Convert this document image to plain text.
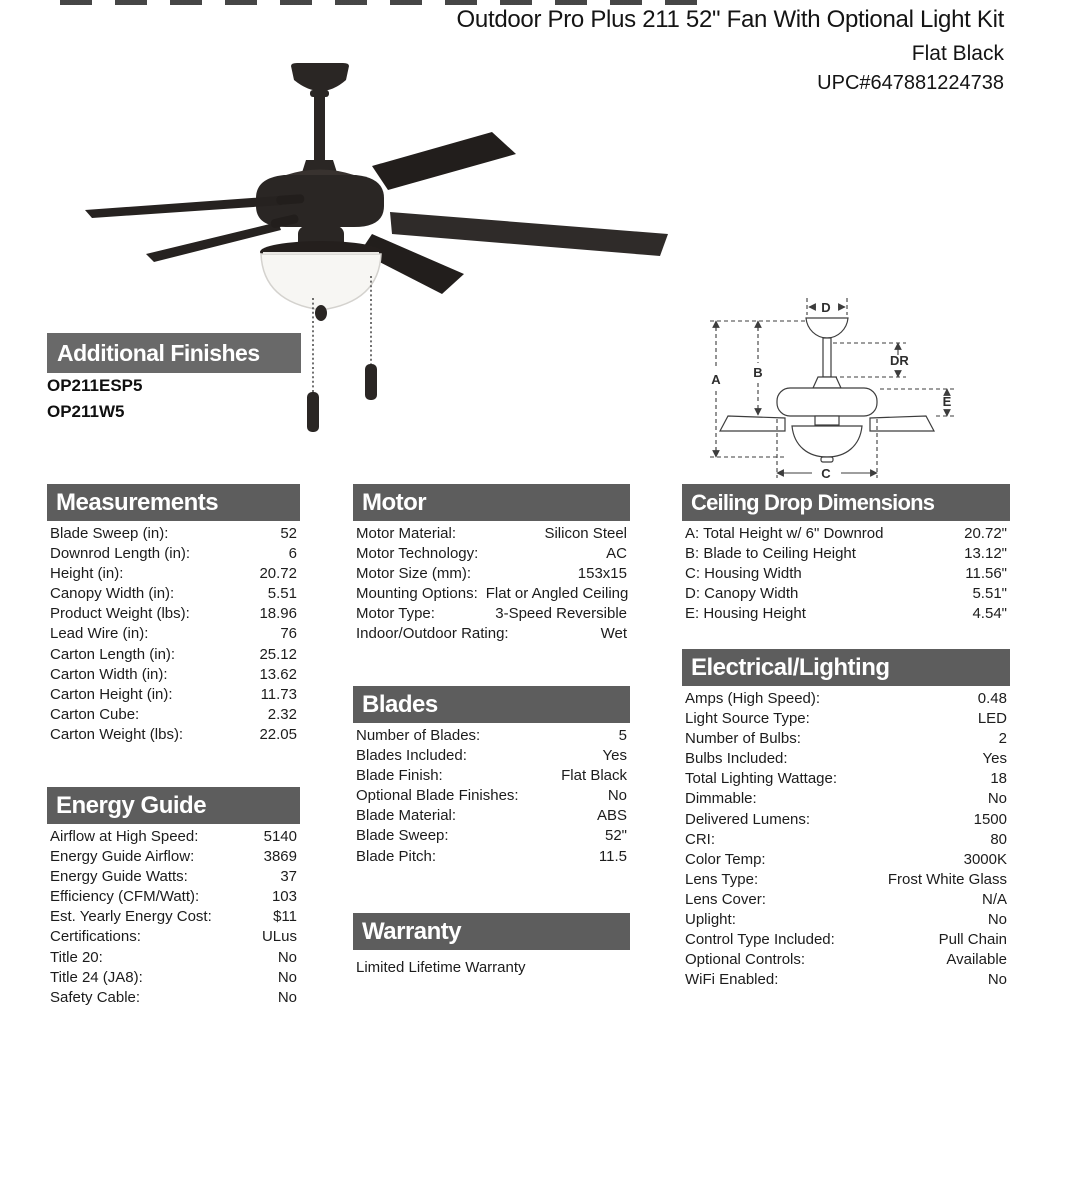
Outdoor Pro Plus 211 52" Fan With Optional Light Kit
Flat Black
UPC#647881224738
Additional Finishes
OP211ESP5
OP211W5
D
A	B
C
E
DR
Measurements
Blade Sweep (in):	52
Downrod Length (in):	6
Height (in):	20.72
Canopy Width (in):	5.51
Product Weight (lbs):	18.96
Lead Wire (in):	76
Carton Length (in):	25.12
Carton Width (in):	13.62
Carton Height (in):	11.73
Carton Cube:	2.32
Carton Weight (lbs):	22.05
Energy Guide
Airflow at High Speed:	5140
Energy Guide Airflow:	3869
Energy Guide Watts:	37
Efficiency (CFM/Watt):	103
Est. Yearly Energy Cost:	$11
Certifications:	ULus
Title 20:	No
Title 24 (JA8):	No
Safety Cable:	No
Motor
Motor Material:	Silicon Steel
Motor Technology:	AC
Motor Size (mm):	153x15
Mounting Options: Flat or Angled Ceiling
Motor Type:	3-Speed Reversible
Indoor/Outdoor Rating:	Wet
Blades
Number of Blades:	5
Blades Included:	Yes
Blade Finish:	Flat Black
Optional Blade Finishes:	No
Blade Material:	ABS
Blade Sweep:	52"
Blade Pitch:	11.5
Warranty
Limited Lifetime Warranty
Ceiling Drop Dimensions
A: Total Height w/ 6" Downrod	20.72"
B: Blade to Ceiling Height	13.12"
C: Housing Width	11.56"
D: Canopy Width	5.51"
E: Housing Height	4.54"
Electrical/Lighting
Amps (High Speed):	0.48
Light Source Type:	LED
Number of Bulbs:	2
Bulbs Included:	Yes
Total Lighting Wattage:	18
Dimmable:	No
Delivered Lumens:	1500
CRI:	80
Color Temp:	3000K
Lens Type:	Frost White Glass
Lens Cover:	N/A
Uplight:	No
Control Type Included:	Pull Chain
Optional Controls:	Available
WiFi Enabled:	No
